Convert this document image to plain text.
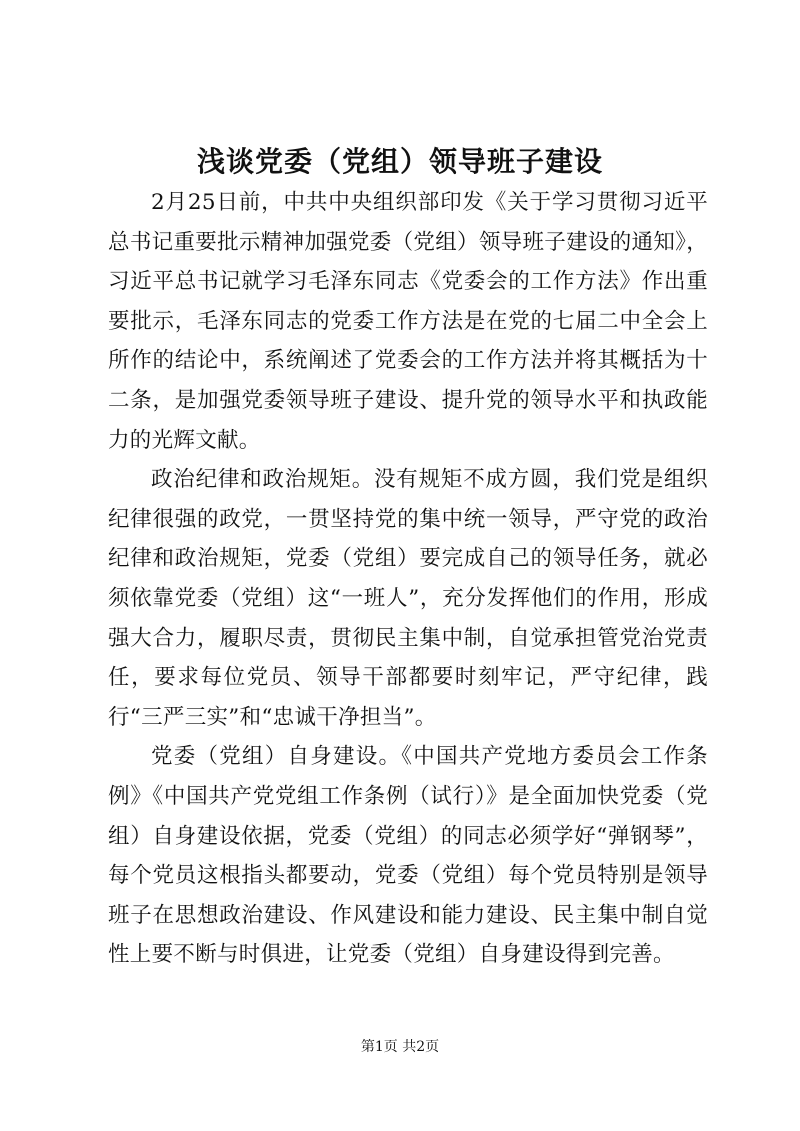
浅谈党委（党组）领导班子建设

2月25日前，中共中央组织部印发《关于学习贯彻习近平总书记重要批示精神加强党委（党组）领导班子建设的通知》，习近平总书记就学习毛泽东同志《党委会的工作方法》作出重要批示，毛泽东同志的党委工作方法是在党的七届二中全会上所作的结论中，系统阐述了党委会的工作方法并将其概括为十二条，是加强党委领导班子建设、提升党的领导水平和执政能力的光辉文献。

政治纪律和政治规矩。没有规矩不成方圆，我们党是组织纪律很强的政党，一贯坚持党的集中统一领导，严守党的政治纪律和政治规矩，党委（党组）要完成自己的领导任务，就必须依靠党委（党组）这“一班人”，充分发挥他们的作用，形成强大合力，履职尽责，贯彻民主集中制，自觉承担管党治党责任，要求每位党员、领导干部都要时刻牢记，严守纪律，践行“三严三实”和“忠诚干净担当”。

党委（党组）自身建设。《中国共产党地方委员会工作条例》《中国共产党党组工作条例（试行）》是全面加快党委（党组）自身建设依据，党委（党组）的同志必须学好“弹钢琴”，每个党员这根指头都要动，党委（党组）每个党员特别是领导班子在思想政治建设、作风建设和能力建设、民主集中制自觉性上要不断与时俱进，让党委（党组）自身建设得到完善。

第1页 共2页
